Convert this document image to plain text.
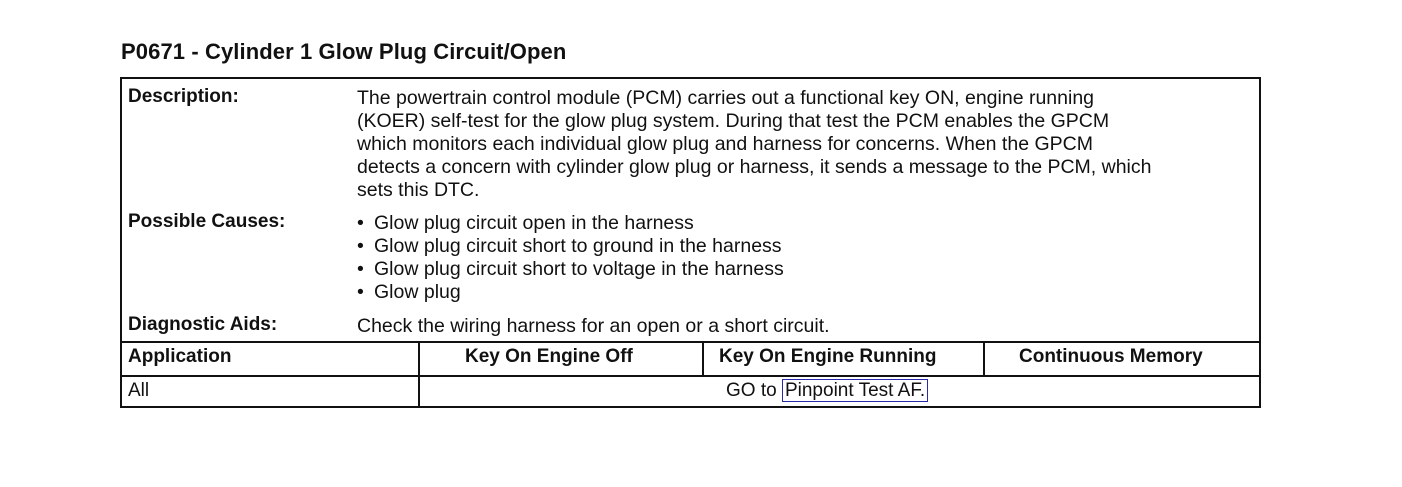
P0671 - Cylinder 1 Glow Plug Circuit/Open
Description:	The powertrain control module (PCM) carries out a functional key ON, engine running
(KOER) self-test for the glow plug system. During that test the PCM enables the GPCM
which monitors each individual glow plug and harness for concerns. When the GPCM
detects a concern with cylinder glow plug or harness, it sends a message to the PCM, which
sets this DTC.
Possible Causes:
•	Glow plug circuit open in the harness
• Glow plug circuit short to ground in the harness
• Glow plug circuit short to voltage in the harness
• Glow plug
Diagnostic Aids:	Check the wiring harness for an open or a short circuit.
Application	Key On Engine Off	Key On Engine Running	Continuous Memory
All	GO to Pinpoint Test AF.
